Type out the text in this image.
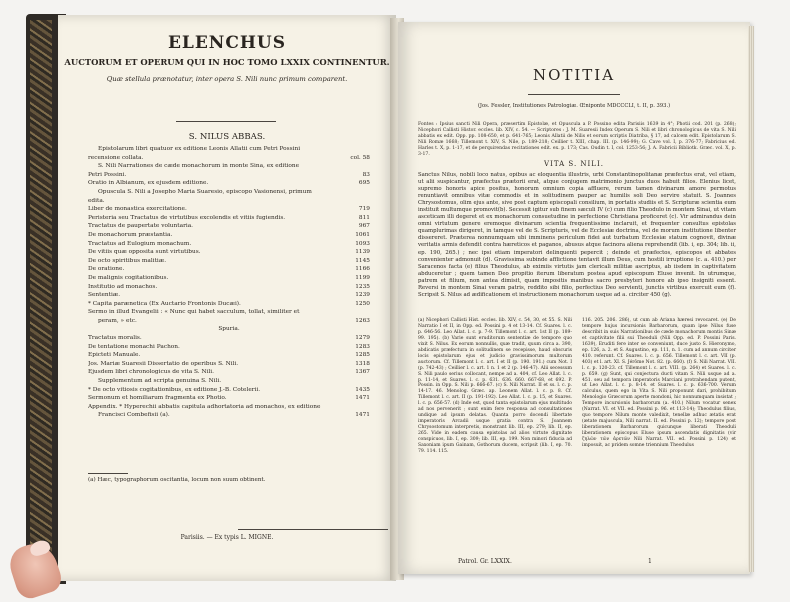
ELENCHUS
AUCTORUM ET OPERUM QUI IN HOC TOMO LXXIX CONTINENTUR.
Quæ stellula prænotatur, inter opera S. Nili nunc primum comparent.
S. NILUS ABBAS.
Epistolarum libri quatuor ex editione Leonis Allatii cum Petri Possini
recensione collata.	col. 58
S. Nili Narrationes de cæde monachorum in monte Sina, ex editione
Petri Possini.	83
Oratio in Albianum, ex ejusdem editione.	695
Opuscula S. Nili a Josepho Maria Suaresio, episcopo Vasionensi, primum
edita.
Liber de monastica exercitatione.	719
Peristeria seu Tractatus de virtutibus excolendis et vitiis fugiendis.	811
Tractatus de paupertate voluntaria.	967
De monachorum præstantia.	1061
Tractatus ad Eulogium monachum.	1093
De vitiis quæ opposita sunt virtutibus.	1139
De octo spiritibus malitiæ.	1145
De oratione.	1166
De malignis cogitationibus.	1199
Institutio ad monachos.	1235
Sententiæ.	1239
* Capita parænetica (Ex Auctario Frontonis Ducæi).	1250
Sermo in illud Evangelii : « Nunc qui habet sacculum, tollat, similiter et
peram, » etc.	1263
Spuria.
Tractatus moralis.	1279
De tentatione monachi Pachon.	1283
Epicteti Manuale.	1285
Jos. Mariæ Suaresii Dissertatio de operibus S. Nili.	1318
Ejusdem libri chronologicus de vita S. Nili.	1367
Supplementum ad scripta genuina S. Nili.
* De octo vitiosis cogitationibus, ex editione J.-B. Cotelerii.	1435
Sermonum et homiliarum fragmenta ex Photio.	1471
Appendix. * Hyperechii abbatis capitula adhortatoria ad monachos, ex editione
Francisci Combefisii (a).	1471
(a) Hæc, typographorum oscitantia, locum non suum obtinent.
Parisiis. — Ex typis L. MIGNE.
NOTITIA
(Jos. Fessler, Institutiones Patrologiæ. Œniponte MDCCCLI, t. II, p. 393.)
Fontes : Ipsius sancti Nili Opera, præsertim Epistolæ, et Opuscula a P. Possino edita Parisiis 1639 in 4°; Photii cod. 201 (p. 268); Nicephori Callisti Histor. eccles. lib. XIV, c. 54. — Scriptores : J. M. Suaresii Index Operum S. Nili et libri chronologicus de vita S. Nili abbatis ex edit. Opp. pp. 108-650, et p. 641-765; Leonis Allatii de Nilis et eorum scriptis Diatriba, § 17, ad calcem edit. Epistolarum S. Nili Romæ 1668; Tillemont t. XIV, S. Nile, p. 189-218; Ceillier t. XIII, chap. III. (p. 146-99); G. Cave vol. I, p. 376-77; Fabricius ed. Harles t. X, p. 1-17, et de perquirendas recitationes edit. ex. p. 173; Cas. Oudin t. I, col. 1253-56; J. A. Fabricii Bibliotk. Græc. vol. X, p. 3-17.
VITA S. NILI.
Sanctus Nilus, nobili loco natus, opibus ac eloquentia illustris, urbi Constantinopolitanæ præfectus erat, vel etiam, ut alii suspicantur, præfectus prætorii erat, atque conjugem matrimonio junctus duos habuit filios. Elenius licet, supremo honoris apice positus, honorum omnium copia affluere, rerum tamen divinarum amore permotus renuntiavit omnibus vitæ commodis et in solitudinem pauper ac humilis soli Deo servire statuit. S. Joannes Chrysostomus, olim ejus ante, sive post captum episcopali consilium, in portatis studiis et S. Scripturæ scientia eum instituit multumque promovit(b). Secessit igitur sub finem sæculi IV (c) cum filio Theodulo in montem Sinai, ut vitam asceticam illi degeret et ex monachorum consuetudine in perfectione Christiana proficeret (c). Vir admirandus dein omni virtutum genere eremoque divinarum scientia frequentissime inclaruit, et frequenter consultus epistolas quamplurimas dirigeret, in tamque vel de S. Scripturis, vel de Ecclesiæ doctrina, vel de morum institutione libenter dissereret. Præterea nonnumquam ubi imminens periculum fidei aut turbatum Ecclesiæ statum cognovit, divinæ veritatis armis defendit contra hæreticos et paganos, abusus atque facinora aliena reprehendit (lib. i, ep. 304; lib. ii, ep. 190, 265.) ; nec ipsi etiam imperatori delinquenti pepercit ; deinde et præfectos, episcopos et abbates convenienter admonuit (d). Gravissima subinde afflictione tentavit illum Deus, cum hostili irruptione (c. a. 410.) per Saracenos facta (e) filius Theodulus, ab eximiis virtutis jam clericali militiæ ascriptus, ab iisdem in captivitatem abduceretur ; quem tamen Deo propitio iterum liberatum postea apud episcopum Eluse invenit. In utrumque, patrem et filium, non antea dimisit, quam impositis manibus sacro presbyteri honore ab ipso insigniti essent. Reversi in montem Sinai veram patris, reddito sibi filio, perfectius Deo servienti, junctis virtibus exercuit eum (f). Scripsit S. Nilus ad ædificationem et instructionem monachorum usque ad a. circiter 450 (g).
(a) Nicephori Callisti Hist. eccles. lib. XIV, c. 54, 30, et 55. S. Nili Narratio I et II, in Opp. ed. Possini p. 4 et 13-14. Cf. Suares. l. c. p. 646-56. Leo Allat. l. c. p. 7-9. Tillemont l. c. art. 1st II (p. 189-99. 195). (b) Varie sunt eruditorum sententiæ de tempore quo vixit S. Nilus. Ex eorum nonnullis, quæ tradit, quum circa a. 390, abdicatis præfectura in solitudinem se recepisse, haud obscuris locis epistolarum ejus et judicio gravissimorum multorum auctorum. Cf. Tillemont l. c. art. I et II (p. 190. 191.) cum Not. I (p. 742-43) ; Ceillier l. c. art. 1 n. 1 et 2 (p. 146-47). Alii secessum S. Nili paulo serius collocant, nempe ad a. 404, cf. Leo Allat. l. c. p. 11-14, et Suares. l. c. p. 631. 636. 660. 667-68, et 692. P. Possin. in Opp. S. Nili p. 666-67. (c) S. Nili Narrat. II et ss. l. c. p. 14-17. 46. Menolog. Græc. ap. Leonem Allat. l. c. p. 8. Cf. Tillemont l. c. art. II (p. 191-192). Leo Allat. l. c. p. 15, et Suares. l. c. p. 656-57. (d) Inde est, quod tanta epistolarum ejus multitudo ad nos pervenerit ; sunt enim fere responsa ad consultationes undique ad ipsum delatas. Quanta porro docendi libertate imperatoris Arcadii usque gratia contra S. Joannem Chrysostomum interpretis, monstrant lib. III, ep. 279; lib. II, ep. 265. Vide in eadem causa epistolas ad alios virtute dignitate conspicuos, lib. I, ep. 309; lib. III, ep. 199. Non minori fiducia ad Saxoniam ipum Gainam, Gothorum ducem, scripsit (lib. I, ep. 70. 79. 114. 115.
116. 205. 206. 286), ut cum ab Ariana hæresi revocaret. (e) De tempore hujus incursionis Barbarorum, quam ipse Nilus fuse describit in suis Narrationibus de cæde monachorum montis Sinæ et captivitate filii sui Theoduli (Nili Opp. ed. P. Possini Paris. 1639), Eruditi fere inter se conveniunt, duce justo S. Hieronymo, ep. 126, a. 2. et S. Augustino, ep. 111, n. 1. cum ad annum circiter 410. referunt. Cf. Suares. l. c. p. 656. Tillemont l. c. art. VII (p. 403) et l. art. XI. S. Jérôme Not. 82. (p. 660). (f) S. Nili Narrat. VII. l. c. p. 120-23. cf. Tillemont l. c. art. VIII. (p. 264) et Suares. l. c. p. 659. (g) Sunt, qui conjectura ducti vitam S. Nili usque ad a. 451. seu ad tempora imperatoris Marciani protrahendam putent, ut Leo Allat. l. c. p. 8-14. et Suares. l. c. p. 636-700. Verum calculus, quem ego in Vita S. Nili proponunt dari, prohibitum Menologio Græcorum aperte mondoni, hic nonnumquam insistat ; Tempore incursionis barbarorum (a. 410.) Nilum vocatur senex (Narrat. VI. et VII. ed. Possini p. 96. et 113-14); Theodulus filius, quo tempore Nilum monte valedixit, tenellæ adhuc ætatis erat (ætate majuscula, Nili narrat. II. ed. Possini p. 12); tempore post liberationem Barbarorum quicunque liberati Theoduli liberationem episcopus Eluse ipsum ascendatis dignitatis (vir ζηλῶν τῶν ἀρετῶν Nili Narrat. VII. ed. Possini p. 124) et imposuit, ac pridem somne triennium Theodulus
Patrol. Gr. LXXIX.	1
